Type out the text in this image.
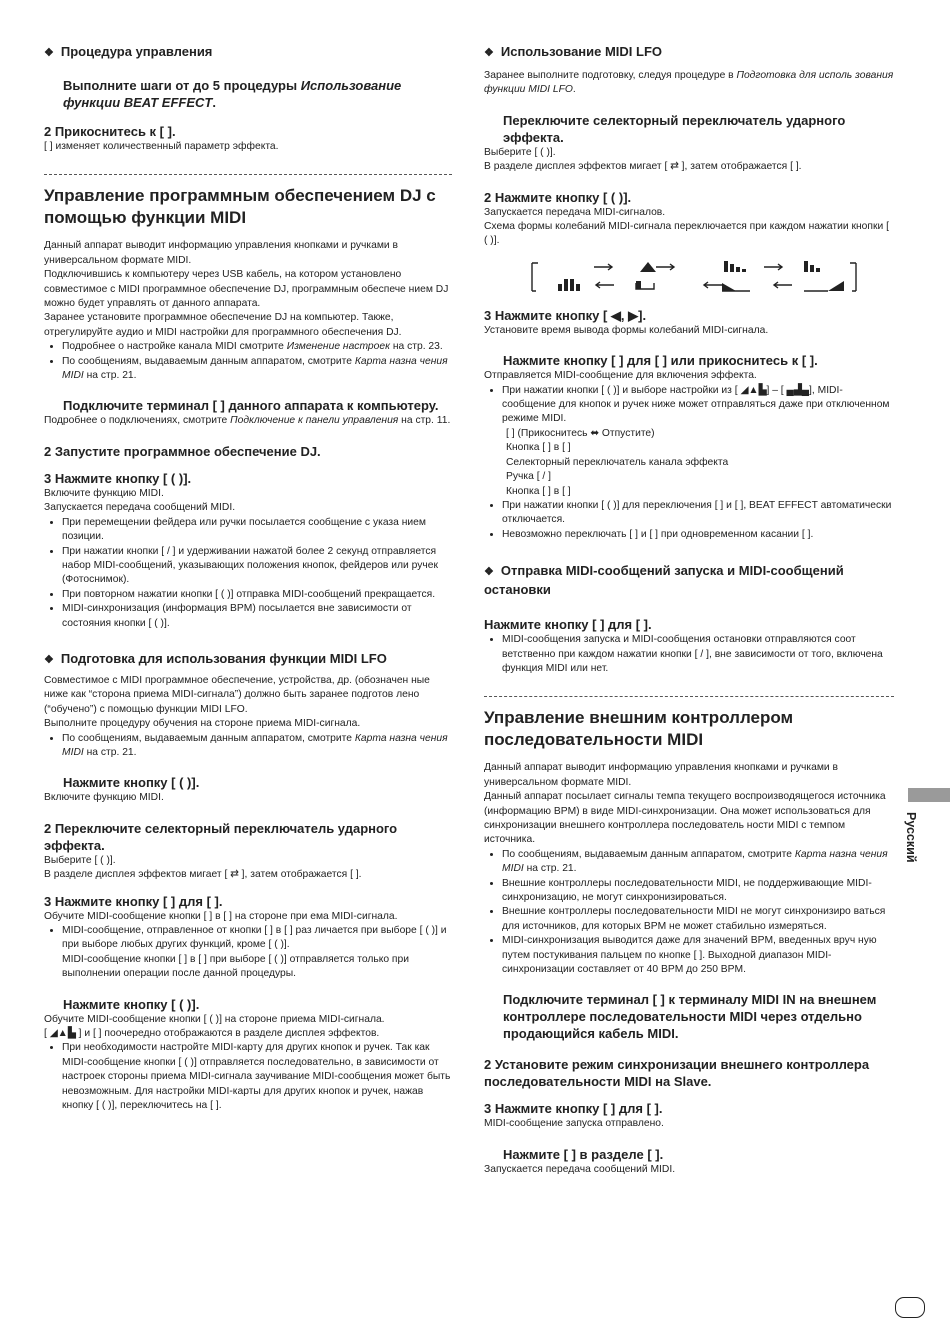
❖ Процедура управления
Выполните шаги от до 5 процедуры Использование функции BEAT EFFECT.
2 Прикоснитесь к [ ].
[ ] изменяет количественный параметр эффекта.
Управление программным обеспечением DJ с помощью функции MIDI
Данный аппарат выводит информацию управления кнопками и ручками в универсальном формате MIDI.
Подключившись к компьютеру через USB кабель, на котором установлено совместимое с MIDI программное обеспечение DJ, программным обеспече нием DJ можно будет управлять от данного аппарата.
Заранее установите программное обеспечение DJ на компьютер. Также, отрегулируйте аудио и MIDI настройки для программного обеспечения DJ.
• Подробнее о настройке канала MIDI смотрите Изменение настроек на стр. 23.
• По сообщениям, выдаваемым данным аппаратом, смотрите Карта назна чения MIDI на стр. 21.
Подключите терминал [ ] данного аппарата к компьютеру.
Подробнее о подключениях, смотрите Подключение к панели управления на стр. 11.
2 Запустите программное обеспечение DJ.
3 Нажмите кнопку [ ( )].
Включите функцию MIDI.
Запускается передача сообщений MIDI.
• При перемещении фейдера или ручки посылается сообщение с указа нием позиции.
• При нажатии кнопки [ / ] и удерживании нажатой более 2 секунд отправляется набор MIDI-сообщений, указывающих положения кнопок, фейдеров или ручек (Фотоснимок).
• При повторном нажатии кнопки [ ( )] отправка MIDI-сообщений прекращается.
• MIDI-синхронизация (информация BPM) посылается вне зависимости от состояния кнопки [ ( )].
❖ Подготовка для использования функции MIDI LFO
Совместимое с MIDI программное обеспечение, устройства, др. (обозначен ные ниже как “сторона приема MIDI-сигнала”) должно быть заранее подготов лено (“обучено”) с помощью функции MIDI LFO.
Выполните процедуру обучения на стороне приема MIDI-сигнала.
• По сообщениям, выдаваемым данным аппаратом, смотрите Карта назна чения MIDI на стр. 21.
Нажмите кнопку [ ( )].
Включите функцию MIDI.
2 Переключите селекторный переключатель ударного эффекта.
Выберите [ ( )].
В разделе дисплея эффектов мигает [ ⇄ ], затем отображается [ ].
3 Нажмите кнопку [ ] для [ ].
Обучите MIDI-сообщение кнопки [ ] в [ ] на стороне при ема MIDI-сигнала.
• MIDI-сообщение, отправленное от кнопки [ ] в [ ] раз личается при выборе [ ( )] и при выборе любых других функций, кроме [ ( )].
MIDI-сообщение кнопки [ ] в [ ] при выборе [ ( )] отправляется только при выполнении операции после данной процедуры.
Нажмите кнопку [ ( )].
Обучите MIDI-сообщение кнопки [ ( )] на стороне приема MIDI-сигнала.
[ ◢▲▙ ] и [ ] поочередно отображаются в разделе дисплея эффектов.
• При необходимости настройте MIDI-карту для других кнопок и ручек. Так как MIDI-сообщение кнопки [ ( )] отправляется последовательно, в зависимости от настроек стороны приема MIDI-сигнала заучивание MIDI-сообщения может быть невозможным. Для настройки MIDI-карты для других кнопок и ручек, нажав кнопку [ ( )], переключитесь на [ ].
❖ Использование MIDI LFO
Заранее выполните подготовку, следуя процедуре в Подготовка для исполь зования функции MIDI LFO.
Переключите селекторный переключатель ударного эффекта.
Выберите [ ( )].
В разделе дисплея эффектов мигает [ ⇄ ], затем отображается [ ].
2 Нажмите кнопку [ ( )].
Запускается передача MIDI-сигналов.
Схема формы колебаний MIDI-сигнала переключается при каждом нажатии кнопки [ ( )].
3 Нажмите кнопку [ ◀, ▶].
Установите время вывода формы колебаний MIDI-сигнала.
Нажмите кнопку [ ] для [ ] или прикоснитесь к [ ].
Отправляется MIDI-сообщение для включения эффекта.
• При нажатии кнопки [ ( )] и выборе настройки из [ ◢▲▙] – [ ▄▟▄], MIDI-сообщение для кнопок и ручек ниже может отправляться даже при отключенном режиме MIDI.
[ ] (Прикоснитесь ⬌ Отпустите)
Кнопка [ ] в [ ]
Селекторный переключатель канала эффекта
Ручка [ / ]
Кнопка [ ] в [ ]
• При нажатии кнопки [ ( )] для переключения [ ] и [ ], BEAT EFFECT автоматически отключается.
• Невозможно переключать [ ] и [ ] при одновременном касании [ ].
❖ Отправка MIDI-сообщений запуска и MIDI-сообщений остановки
Нажмите кнопку [ ] для [ ].
• MIDI-сообщения запуска и MIDI-сообщения остановки отправляются соот ветственно при каждом нажатии кнопки [ / ], вне зависимости от того, включена функция MIDI или нет.
Управление внешним контроллером последовательности MIDI
Данный аппарат выводит информацию управления кнопками и ручками в универсальном формате MIDI.
Данный аппарат посылает сигналы темпа текущего воспроизводящегося источника (информацию BPM) в виде MIDI-синхронизации. Она может использоваться для синхронизации внешнего контроллера последователь ности MIDI с темпом источника.
• По сообщениям, выдаваемым данным аппаратом, смотрите Карта назна чения MIDI на стр. 21.
• Внешние контроллеры последовательности MIDI, не поддерживающие MIDI-синхронизацию, не могут синхронизироваться.
• Внешние контроллеры последовательности MIDI не могут синхронизиро ваться для источников, для которых BPM не может стабильно измеряться.
• MIDI-синхронизация выводится даже для значений BPM, введенных вруч ную путем постукивания пальцем по кнопке [ ]. Выходной диапазон MIDI-синхронизации составляет от 40 BPM до 250 BPM.
Подключите терминал [ ] к терминалу MIDI IN на внешнем контроллере последовательности MIDI через отдельно продающийся кабель MIDI.
2 Установите режим синхронизации внешнего контроллера последовательности MIDI на Slave.
3 Нажмите кнопку [ ] для [ ].
MIDI-сообщение запуска отправлено.
Нажмите [ ] в разделе [ ].
Запускается передача сообщений MIDI.
Русский
